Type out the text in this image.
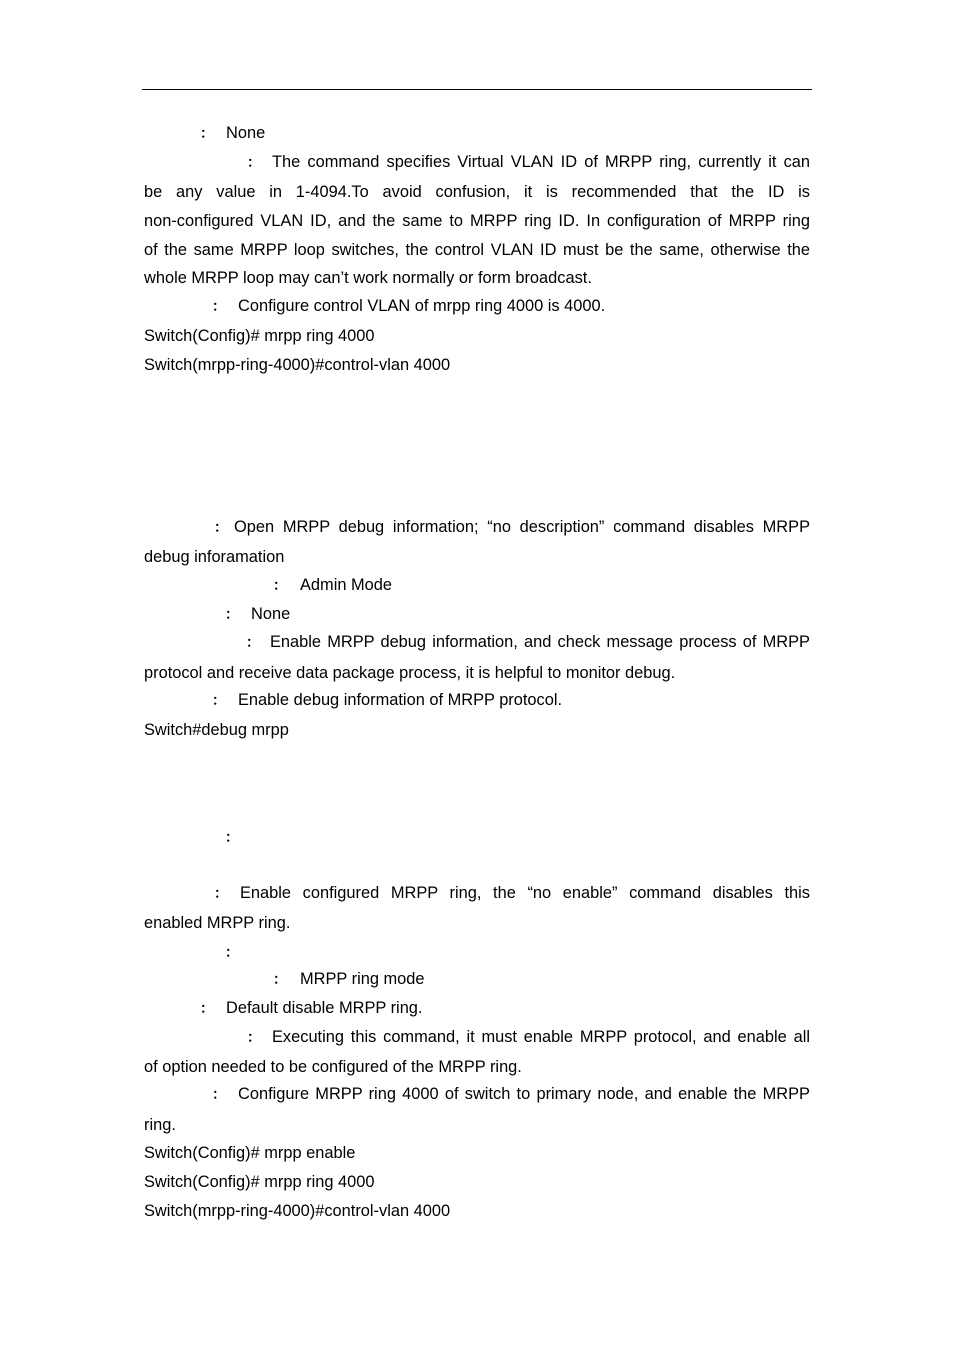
： None
： The command specifies Virtual VLAN ID of MRPP ring, currently it can
be any value in 1-4094.To avoid confusion, it is recommended that the ID is
non-configured VLAN ID, and the same to MRPP ring ID. In configuration of MRPP ring
of the same MRPP loop switches, the control VLAN ID must be the same, otherwise the
whole MRPP loop may can’t work normally or form broadcast.
： Configure control VLAN of mrpp ring 4000 is 4000.
Switch(Config)# mrpp ring 4000
Switch(mrpp-ring-4000)#control-vlan 4000
： Open MRPP debug information; “no description” command disables MRPP
debug inforamation
： Admin Mode
： None
： Enable MRPP debug information, and check message process of MRPP
protocol and receive data package process, it is helpful to monitor debug.
： Enable debug information of MRPP protocol.
Switch#debug mrpp
：
： Enable configured MRPP ring, the “no enable” command disables this
enabled MRPP ring.
：
： MRPP ring mode
： Default disable MRPP ring.
： Executing this command, it must enable MRPP protocol, and enable all
of option needed to be configured of the MRPP ring.
： Configure MRPP ring 4000 of switch to primary node, and enable the MRPP
ring.
Switch(Config)# mrpp enable
Switch(Config)# mrpp ring 4000
Switch(mrpp-ring-4000)#control-vlan 4000
